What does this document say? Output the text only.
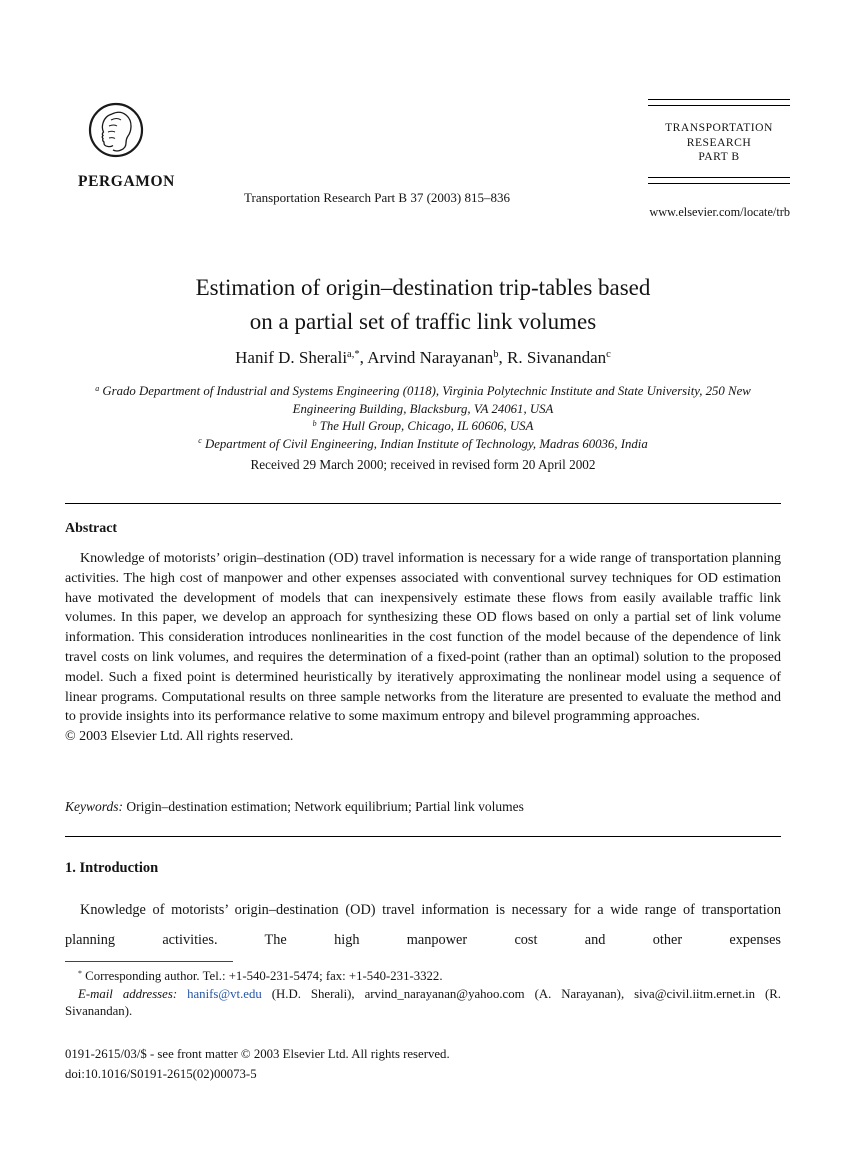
PERGAMON
Transportation Research Part B 37 (2003) 815–836
TRANSPORTATION
RESEARCH
PART B
www.elsevier.com/locate/trb
Estimation of origin–destination trip-tables based
on a partial set of traffic link volumes
Hanif D. Sherali$^{a,*}$, Arvind Narayanan$^b$, R. Sivanandan$^c$
$^a$ Grado Department of Industrial and Systems Engineering (0118), Virginia Polytechnic Institute and State University, 250 New Engineering Building, Blacksburg, VA 24061, USA
$^b$ The Hull Group, Chicago, IL 60606, USA
$^c$ Department of Civil Engineering, Indian Institute of Technology, Madras 60036, India
Received 29 March 2000; received in revised form 20 April 2002
Abstract
Knowledge of motorists’ origin–destination (OD) travel information is necessary for a wide range of transportation planning activities. The high cost of manpower and other expenses associated with conventional survey techniques for OD estimation have motivated the development of models that can inexpensively estimate these flows from easily available traffic link volumes. In this paper, we develop an approach for synthesizing these OD flows based on only a partial set of link volume information. This consideration introduces nonlinearities in the cost function of the model because of the dependence of link travel costs on link volumes, and requires the determination of a fixed-point (rather than an optimal) solution to the proposed model. Such a fixed point is determined heuristically by iteratively approximating the nonlinear model using a sequence of linear programs. Computational results on three sample networks from the literature are presented to evaluate the method and to provide insights into its performance relative to some maximum entropy and bilevel programming approaches.
© 2003 Elsevier Ltd. All rights reserved.
Keywords: Origin–destination estimation; Network equilibrium; Partial link volumes
1. Introduction
Knowledge of motorists’ origin–destination (OD) travel information is necessary for a wide range of transportation planning activities. The high manpower cost and other expenses

* Corresponding author. Tel.: +1-540-231-5474; fax: +1-540-231-3322.

E-mail addresses: hanifs@vt.edu (H.D. Sherali), arvind_narayanan@yahoo.com (A. Narayanan), siva@civil.iitm.ernet.in (R. Sivanandan).

0191-2615/03/$ - see front matter © 2003 Elsevier Ltd. All rights reserved.
doi:10.1016/S0191-2615(02)00073-5
